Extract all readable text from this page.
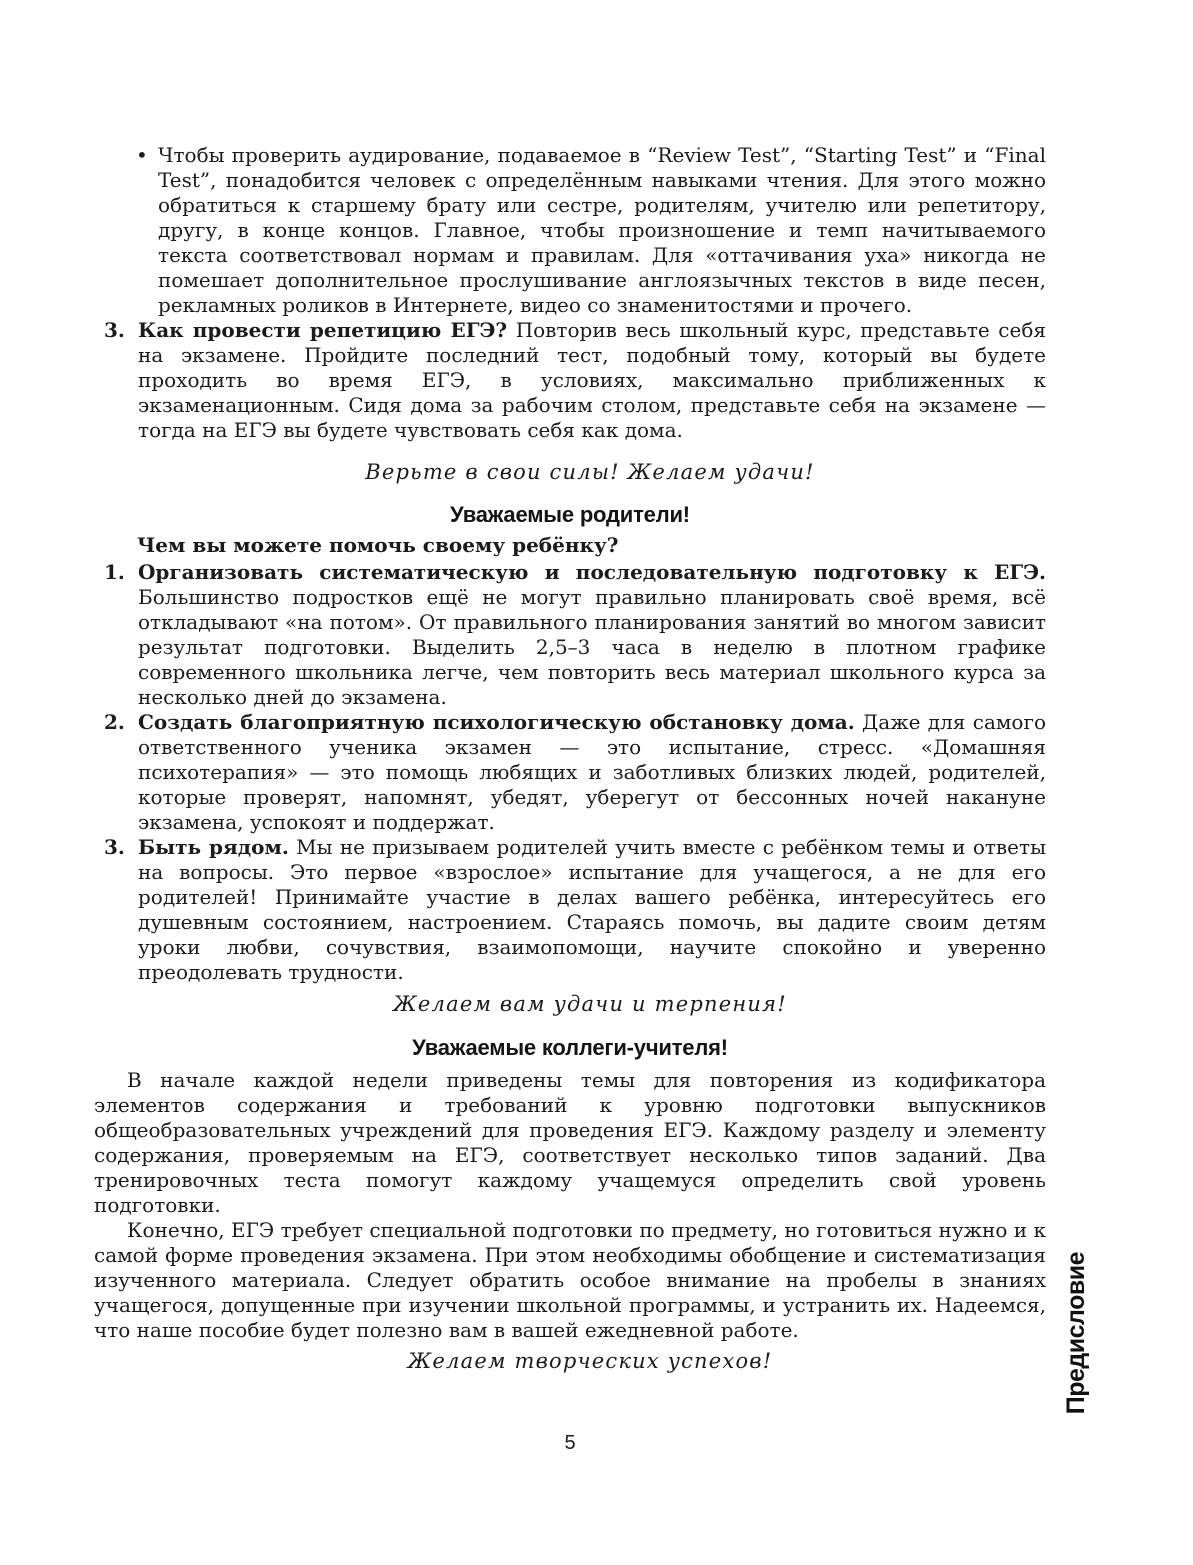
• Чтобы проверить аудирование, подаваемое в “Review Test”, “Starting Test” и “Final Test”, понадобится человек с определённым навыками чтения. Для этого можно обратиться к старшему брату или сестре, родителям, учителю или репетитору, другу, в конце концов. Главное, чтобы произношение и темп начитываемого текста соответствовал нормам и правилам. Для «оттачивания уха» никогда не помешает дополнительное прослушивание англоязычных текстов в виде песен, рекламных роликов в Интернете, видео со знаменитостями и прочего.

3. Как провести репетицию ЕГЭ? Повторив весь школьный курс, представьте себя на экзамене. Пройдите последний тест, подобный тому, который вы будете проходить во время ЕГЭ, в условиях, максимально приближенных к экзаменационным. Сидя дома за рабочим столом, представьте себя на экзамене — тогда на ЕГЭ вы будете чувствовать себя как дома.

Верьте в свои силы! Желаем удачи!

Уважаемые родители!

Чем вы можете помочь своему ребёнку?

1. Организовать систематическую и последовательную подготовку к ЕГЭ. Большинство подростков ещё не могут правильно планировать своё время, всё откладывают «на потом». От правильного планирования занятий во многом зависит результат подготовки. Выделить 2,5–3 часа в неделю в плотном графике современного школьника легче, чем повторить весь материал школьного курса за несколько дней до экзамена.

2. Создать благоприятную психологическую обстановку дома. Даже для самого ответственного ученика экзамен — это испытание, стресс. «Домашняя психотерапия» — это помощь любящих и заботливых близких людей, родителей, которые проверят, напомнят, убедят, уберегут от бессонных ночей накануне экзамена, успокоят и поддержат.

3. Быть рядом. Мы не призываем родителей учить вместе с ребёнком темы и ответы на вопросы. Это первое «взрослое» испытание для учащегося, а не для его родителей! Принимайте участие в делах вашего ребёнка, интересуйтесь его душевным состоянием, настроением. Стараясь помочь, вы дадите своим детям уроки любви, сочувствия, взаимопомощи, научите спокойно и уверенно преодолевать трудности.

Желаем вам удачи и терпения!

Уважаемые коллеги-учителя!

В начале каждой недели приведены темы для повторения из кодификатора элементов содержания и требований к уровню подготовки выпускников общеобразовательных учреждений для проведения ЕГЭ. Каждому разделу и элементу содержания, проверяемым на ЕГЭ, соответствует несколько типов заданий. Два тренировочных теста помогут каждому учащемуся определить свой уровень подготовки.

Конечно, ЕГЭ требует специальной подготовки по предмету, но готовиться нужно и к самой форме проведения экзамена. При этом необходимы обобщение и систематизация изученного материала. Следует обратить особое внимание на пробелы в знаниях учащегося, допущенные при изучении школьной программы, и устранить их. Надеемся, что наше пособие будет полезно вам в вашей ежедневной работе.

Желаем творческих успехов!	Предисловие
5
